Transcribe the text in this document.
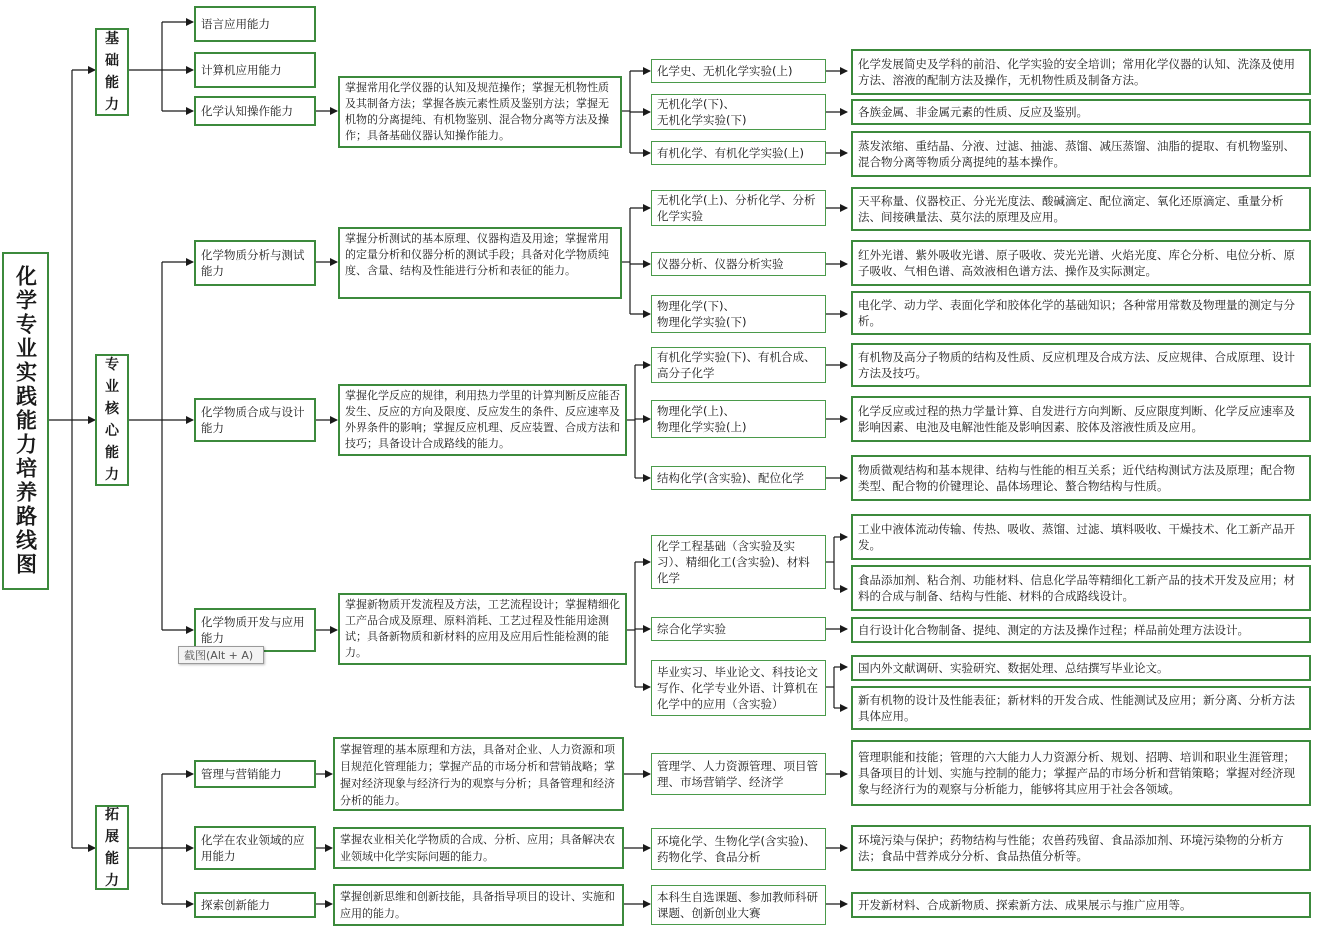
化学专业实践能力培养路线图
基础能力
专业核心能力
拓展能力
语言应用能力
计算机应用能力
化学认知操作能力
化学物质分析与测试能力
化学物质合成与设计能力
化学物质开发与应用能力
管理与营销能力
化学在农业领域的应用能力
探索创新能力
掌握常用化学仪器的认知及规范操作；掌握无机物性质及其制备方法；掌握各族元素性质及鉴别方法；掌握无机物的分离提纯、有机物鉴别、混合物分离等方法及操作；具备基础仪器认知操作能力。
掌握分析测试的基本原理、仪器构造及用途；掌握常用的定量分析和仪器分析的测试手段；具备对化学物质纯度、含量、结构及性能进行分析和表征的能力。
掌握化学反应的规律，利用热力学里的计算判断反应能否发生、反应的方向及限度、反应发生的条件、反应速率及外界条件的影响；掌握反应机理、反应装置、合成方法和技巧；具备设计合成路线的能力。
掌握新物质开发流程及方法，工艺流程设计；掌握精细化工产品合成及原理、原料消耗、工艺过程及性能用途测试；具备新物质和新材料的应用及应用后性能检测的能力。
掌握管理的基本原理和方法，具备对企业、人力资源和项目规范化管理能力；掌握产品的市场分析和营销战略；掌握对经济现象与经济行为的观察与分析；具备管理和经济分析的能力。
掌握农业相关化学物质的合成、分析、应用；具备解决农业领域中化学实际问题的能力。
掌握创新思维和创新技能，具备指导项目的设计、实施和应用的能力。
化学史、无机化学实验(上)
无机化学(下)、
无机化学实验(下)
有机化学、有机化学实验(上)
无机化学(上)、分析化学、分析化学实验
仪器分析、仪器分析实验
物理化学(下)、
物理化学实验(下)
有机化学实验(下)、有机合成、高分子化学
物理化学(上)、
物理化学实验(上)
结构化学(含实验)、配位化学
化学工程基础（含实验及实习）、精细化工(含实验)、材料化学
综合化学实验
毕业实习、毕业论文、科技论文写作、化学专业外语、计算机在化学中的应用（含实验）
管理学、人力资源管理、项目管理、市场营销学、经济学
环境化学、生物化学(含实验)、药物化学、食品分析
本科生自选课题、参加教师科研课题、创新创业大赛
化学发展简史及学科的前沿、化学实验的安全培训；常用化学仪器的认知、洗涤及使用方法、溶液的配制方法及操作，无机物性质及制备方法。
各族金属、非金属元素的性质、反应及鉴别。
蒸发浓缩、重结晶、分液、过滤、抽滤、蒸馏、减压蒸馏、油脂的提取、有机物鉴别、混合物分离等物质分离提纯的基本操作。
天平称量、仪器校正、分光光度法、酸碱滴定、配位滴定、氧化还原滴定、重量分析法、间接碘量法、莫尔法的原理及应用。
红外光谱、紫外吸收光谱、原子吸收、荧光光谱、火焰光度、库仑分析、电位分析、原子吸收、气相色谱、高效液相色谱方法、操作及实际测定。
电化学、动力学、表面化学和胶体化学的基础知识；各种常用常数及物理量的测定与分析。
有机物及高分子物质的结构及性质、反应机理及合成方法、反应规律、合成原理、设计方法及技巧。
化学反应或过程的热力学量计算、自发进行方向判断、反应限度判断、化学反应速率及影响因素、电池及电解池性能及影响因素、胶体及溶液性质及应用。
物质微观结构和基本规律、结构与性能的相互关系；近代结构测试方法及原理；配合物类型、配合物的价键理论、晶体场理论、螯合物结构与性质。
工业中液体流动传输、传热、吸收、蒸馏、过滤、填料吸收、干燥技术、化工新产品开发。
食品添加剂、粘合剂、功能材料、信息化学品等精细化工新产品的技术开发及应用；材料的合成与制备、结构与性能、材料的合成路线设计。
自行设计化合物制备、提纯、测定的方法及操作过程；样品前处理方法设计。
国内外文献调研、实验研究、数据处理、总结撰写毕业论文。
新有机物的设计及性能表征；新材料的开发合成、性能测试及应用；新分离、分析方法具体应用。
管理职能和技能；管理的六大能力人力资源分析、规划、招聘、培训和职业生涯管理；具备项目的计划、实施与控制的能力；掌握产品的市场分析和营销策略；掌握对经济现象与经济行为的观察与分析能力，能够将其应用于社会各领域。
环境污染与保护；药物结构与性能；农兽药残留、食品添加剂、环境污染物的分析方法；食品中营养成分分析、食品热值分析等。
开发新材料、合成新物质、探索新方法、成果展示与推广应用等。
截图(Alt + A)
